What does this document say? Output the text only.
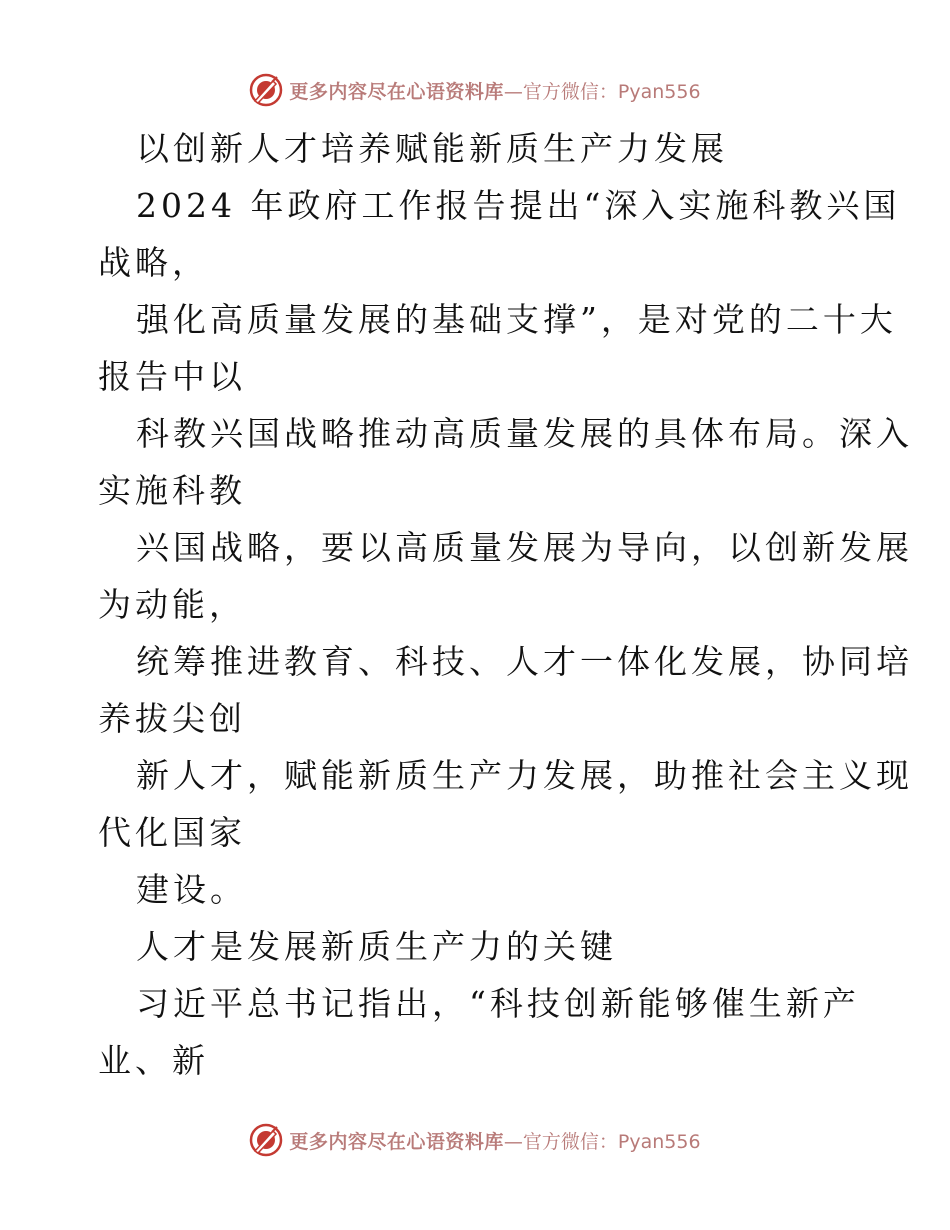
更多内容尽在心语资料库 —官方微信：Pyan556
以创新人才培养赋能新质生产力发展
2024 年政府工作报告提出“深入实施科教兴国
战略，
强化高质量发展的基础支撑”，是对党的二十大
报告中以
科教兴国战略推动高质量发展的具体布局。深入
实施科教
兴国战略，要以高质量发展为导向，以创新发展
为动能，
统筹推进教育、科技、人才一体化发展，协同培
养拔尖创
新人才，赋能新质生产力发展，助推社会主义现
代化国家
建设。
人才是发展新质生产力的关键
习近平总书记指出，“科技创新能够催生新产
业、新
更多内容尽在心语资料库 —官方微信：Pyan556
